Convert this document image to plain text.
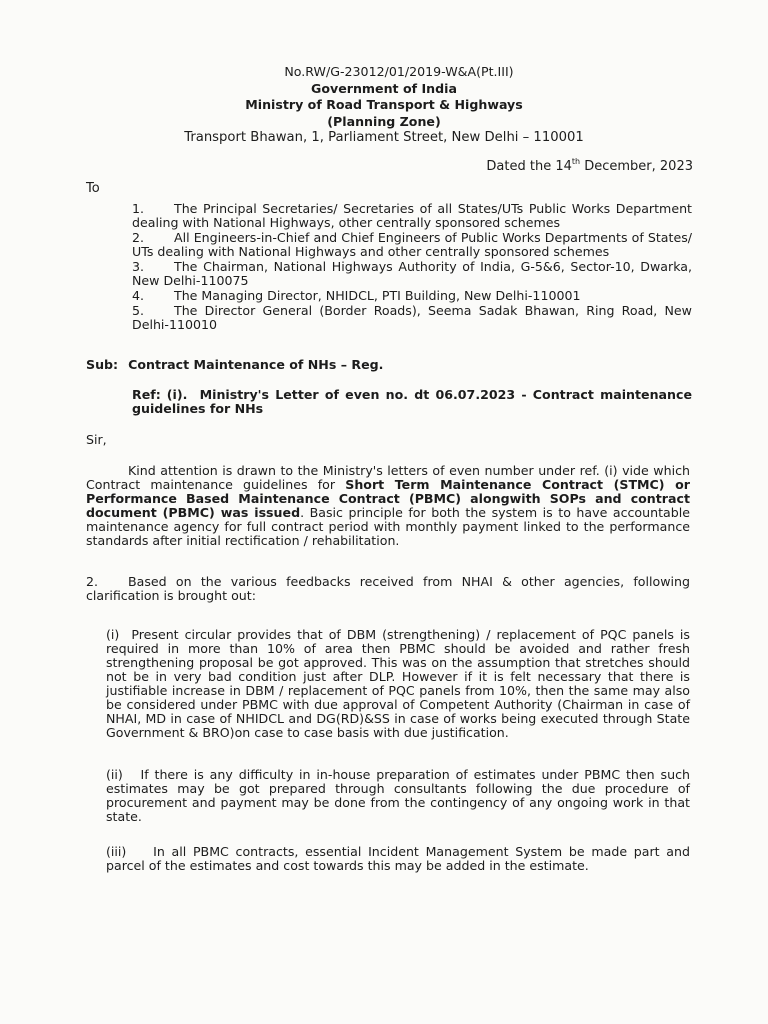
No.RW/G-23012/01/2019-W&A(Pt.III)
Government of India
Ministry of Road Transport & Highways
(Planning Zone)
Transport Bhawan, 1, Parliament Street, New Delhi – 110001
Dated the 14th December, 2023
To
1. The Principal Secretaries/ Secretaries of all States/UTs Public Works Department dealing with National Highways, other centrally sponsored schemes
2. All Engineers-in-Chief and Chief Engineers of Public Works Departments of States/ UTs dealing with National Highways and other centrally sponsored schemes
3. The Chairman, National Highways Authority of India, G-5&6, Sector-10, Dwarka, New Delhi-110075
4. The Managing Director, NHIDCL, PTI Building, New Delhi-110001
5. The Director General (Border Roads), Seema Sadak Bhawan, Ring Road, New Delhi-110010
Sub: Contract Maintenance of NHs – Reg.
Ref: (i). Ministry's Letter of even no. dt 06.07.2023 - Contract maintenance guidelines for NHs
Sir,
Kind attention is drawn to the Ministry's letters of even number under ref. (i) vide which Contract maintenance guidelines for Short Term Maintenance Contract (STMC) or Performance Based Maintenance Contract (PBMC) alongwith SOPs and contract document (PBMC) was issued. Basic principle for both the system is to have accountable maintenance agency for full contract period with monthly payment linked to the performance standards after initial rectification / rehabilitation.
2. Based on the various feedbacks received from NHAI & other agencies, following clarification is brought out:
(i) Present circular provides that of DBM (strengthening) / replacement of PQC panels is required in more than 10% of area then PBMC should be avoided and rather fresh strengthening proposal be got approved. This was on the assumption that stretches should not be in very bad condition just after DLP. However if it is felt necessary that there is justifiable increase in DBM / replacement of PQC panels from 10%, then the same may also be considered under PBMC with due approval of Competent Authority (Chairman in case of NHAI, MD in case of NHIDCL and DG(RD)&SS in case of works being executed through State Government & BRO)on case to case basis with due justification.
(ii) If there is any difficulty in in-house preparation of estimates under PBMC then such estimates may be got prepared through consultants following the due procedure of procurement and payment may be done from the contingency of any ongoing work in that state.
(iii) In all PBMC contracts, essential Incident Management System be made part and parcel of the estimates and cost towards this may be added in the estimate.
